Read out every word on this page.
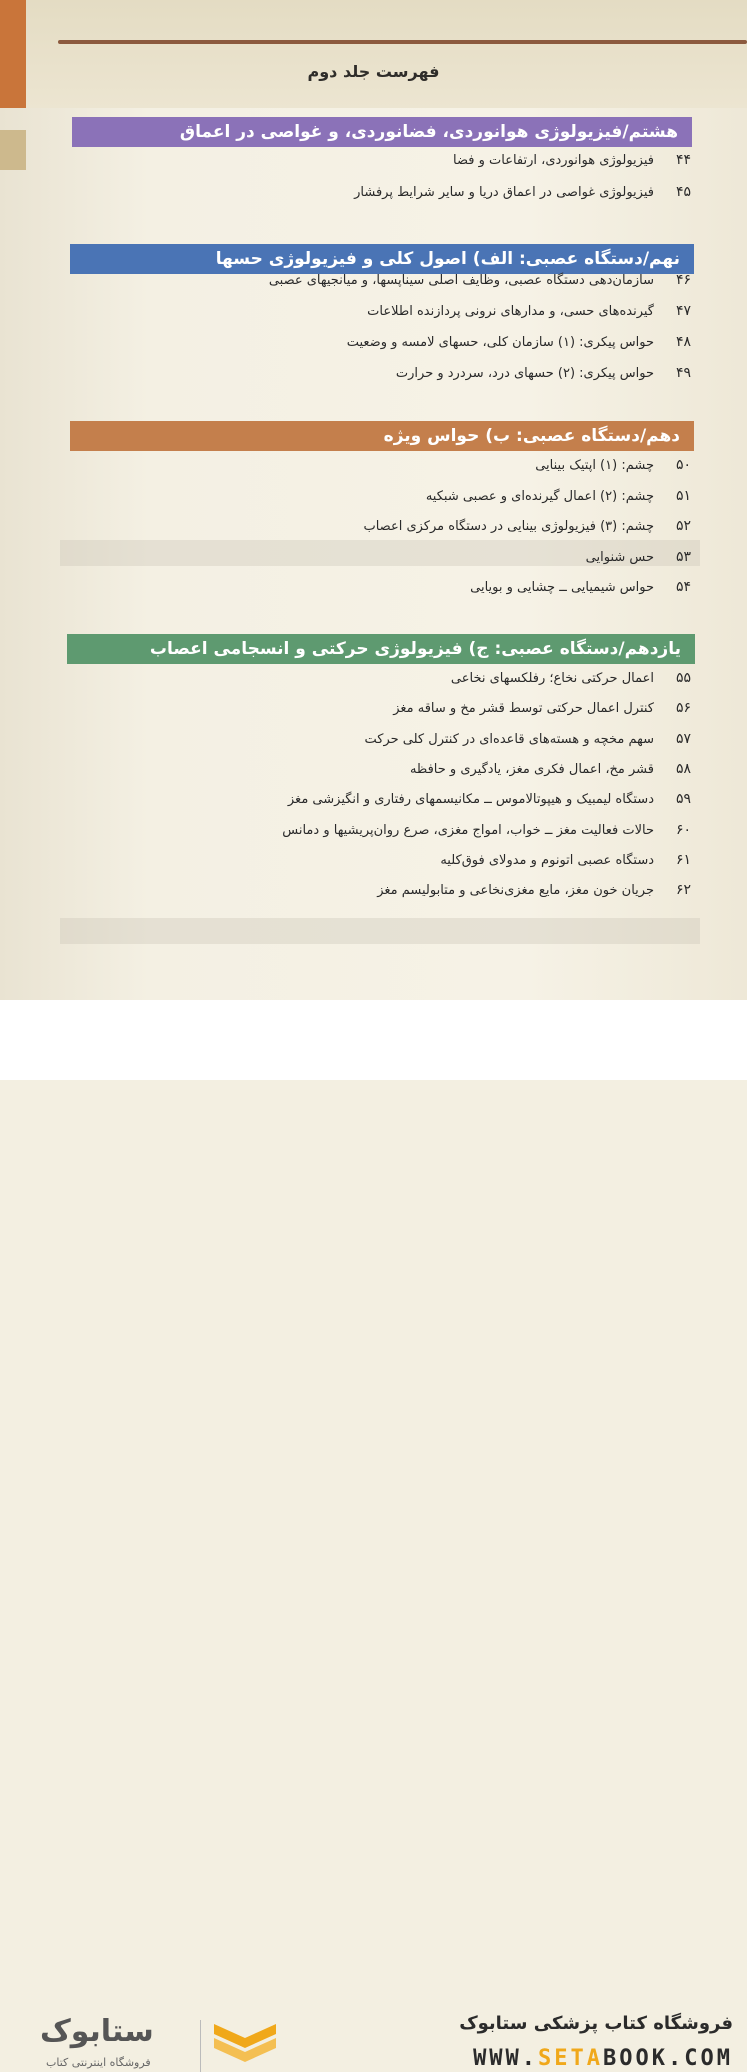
فهرست جلد دوم
هشتم/فیزیولوژی هوانوردی، فضانوردی، و غواصی در اعماق
۴۴
فیزیولوژی هوانوردی، ارتفاعات و فضا
۴۵
فیزیولوژی غواصی در اعماق دریا و سایر شرایط پرفشار
نهم/دستگاه عصبی: الف) اصول کلی و فیزیولوژی حسها
۴۶
سازمان‌دهی دستگاه عصبی، وظایف اصلی سیناپسها، و میانجیهای عصبی
۴۷
گیرنده‌های حسی، و مدارهای نرونی پردازنده اطلاعات
۴۸
حواس پیکری: (۱) سازمان کلی، حسهای لامسه و وضعیت
۴۹
حواس پیکری: (۲) حسهای درد، سردرد و حرارت
دهم/دستگاه عصبی: ب) حواس ویژه
۵۰
چشم: (۱) اپتیک بینایی
۵۱
چشم: (۲) اعمال گیرنده‌ای و عصبی شبکیه
۵۲
چشم: (۳) فیزیولوژی بینایی در دستگاه مرکزی اعصاب
۵۳
حس شنوایی
۵۴
حواس شیمیایی ــ چشایی و بویایی
یازدهم/دستگاه عصبی: ج) فیزیولوژی حرکتی و انسجامی اعصاب
۵۵
اعمال حرکتی نخاع؛ رفلکسهای نخاعی
۵۶
کنترل اعمال حرکتی توسط قشر مخ و ساقه مغز
۵۷
سهم مخچه و هسته‌های قاعده‌ای در کنترل کلی حرکت
۵۸
قشر مخ، اعمال فکری مغز، یادگیری و حافظه
۵۹
دستگاه لیمبیک و هیپوتالاموس ــ مکانیسمهای رفتاری و انگیزشی مغز
۶۰
حالات فعالیت مغز ــ خواب، امواج مغزی، صرع روان‌پریشیها و دمانس
۶۱
دستگاه عصبی اتونوم و مدولای فوق‌کلیه
۶۲
جریان خون مغز، مایع مغزی‌نخاعی و متابولیسم مغز
فروشگاه کتاب پزشکی ستابوک
WWW.SETABOOK.COM
ستابوک
فروشگاه اینترنتی کتاب
